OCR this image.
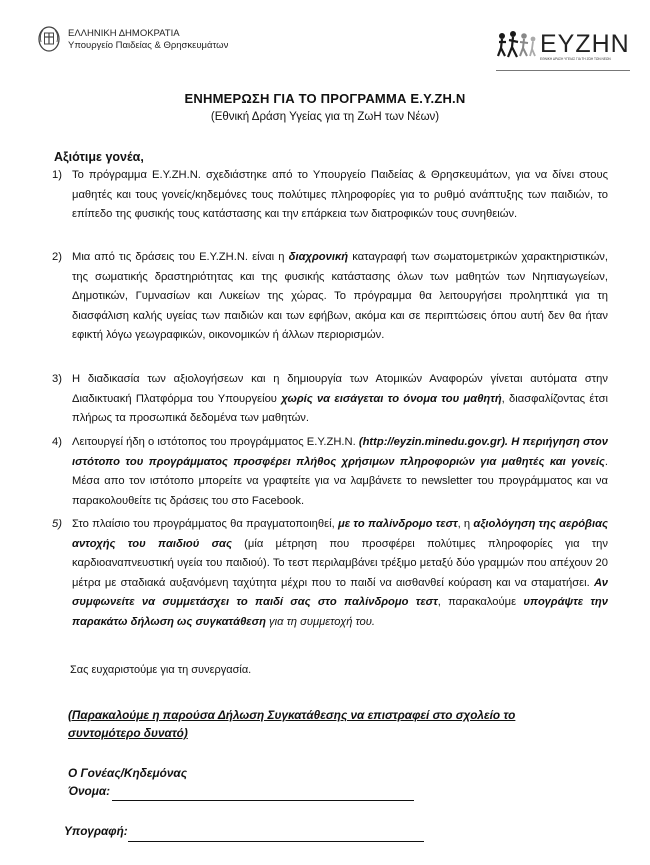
ΕΛΛΗΝΙΚΗ ΔΗΜΟΚΡΑΤΙΑ
Υπουργείο Παιδείας & Θρησκευμάτων	ΕΥΖΗΝ
ΕΘΝΙΚΗ ΔΡΑΣΗ ΥΓΕΙΑΣ ΓΙΑ ΤΗ ΖΩΗ ΤΩΝ ΝΕΩΝ
ΕΝΗΜΕΡΩΣΗ ΓΙΑ ΤΟ ΠΡΟΓΡΑΜΜΑ Ε.Υ.ΖΗ.Ν
(Εθνική Δράση Υγείας για τη ΖωΗ των Νέων)
Αξιότιμε γονέα,
1) Το πρόγραμμα Ε.Υ.ΖΗ.Ν. σχεδιάστηκε από το Υπουργείο Παιδείας & Θρησκευμάτων, για να δίνει στους μαθητές και τους γονείς/κηδεμόνες τους πολύτιμες πληροφορίες για το ρυθμό ανάπτυξης των παιδιών, το επίπεδο της φυσικής τους κατάστασης και την επάρκεια των διατροφικών τους συνηθειών.
2) Μια από τις δράσεις του Ε.Υ.ΖΗ.Ν. είναι η διαχρονική καταγραφή των σωματομετρικών χαρακτηριστικών, της σωματικής δραστηριότητας και της φυσικής κατάστασης όλων των μαθητών των Νηπιαγωγείων, Δημοτικών, Γυμνασίων και Λυκείων της χώρας. Το πρόγραμμα θα λειτουργήσει προληπτικά για τη διασφάλιση καλής υγείας των παιδιών και των εφήβων, ακόμα και σε περιπτώσεις όπου αυτή δεν θα ήταν εφικτή λόγω γεωγραφικών, οικονομικών ή άλλων περιορισμών.
3) Η διαδικασία των αξιολογήσεων και η δημιουργία των Ατομικών Αναφορών γίνεται αυτόματα στην Διαδικτυακή Πλατφόρμα του Υπουργείου χωρίς να εισάγεται το όνομα του μαθητή, διασφαλίζοντας έτσι πλήρως τα προσωπικά δεδομένα των μαθητών.
4) Λειτουργεί ήδη ο ιστότοπος του προγράμματος Ε.Υ.ΖΗ.Ν. (http://eyzin.minedu.gov.gr). Η περιήγηση στον ιστότοπο του προγράμματος προσφέρει πλήθος χρήσιμων πληροφοριών για μαθητές και γονείς. Μέσα απο τον ιστότοπο μπορείτε να γραφτείτε για να λαμβάνετε το newsletter του προγράμματος και να παρακολουθείτε τις δράσεις του στο Facebook.
5) Στο πλαίσιο του προγράμματος θα πραγματοποιηθεί, με το παλίνδρομο τεστ, η αξιολόγηση της αερόβιας αντοχής του παιδιού σας (μία μέτρηση που προσφέρει πολύτιμες πληροφορίες για την καρδιοαναπνευστική υγεία του παιδιού). Το τεστ περιλαμβάνει τρέξιμο μεταξύ δύο γραμμών που απέχουν 20 μέτρα με σταδιακά αυξανόμενη ταχύτητα μέχρι που το παιδί να αισθανθεί κούραση και να σταματήσει. Αν συμφωνείτε να συμμετάσχει το παιδί σας στο παλίνδρομο τεστ, παρακαλούμε υπογράψτε την παρακάτω δήλωση ως συγκατάθεση για τη συμμετοχή του.
Σας ευχαριστούμε για τη συνεργασία.
(Παρακαλούμε η παρούσα Δήλωση Συγκατάθεσης να επιστραφεί στο σχολείο το συντομότερο δυνατό)
Ο Γονέας/Κηδεμόνας
Όνομα:
Υπογραφή:
